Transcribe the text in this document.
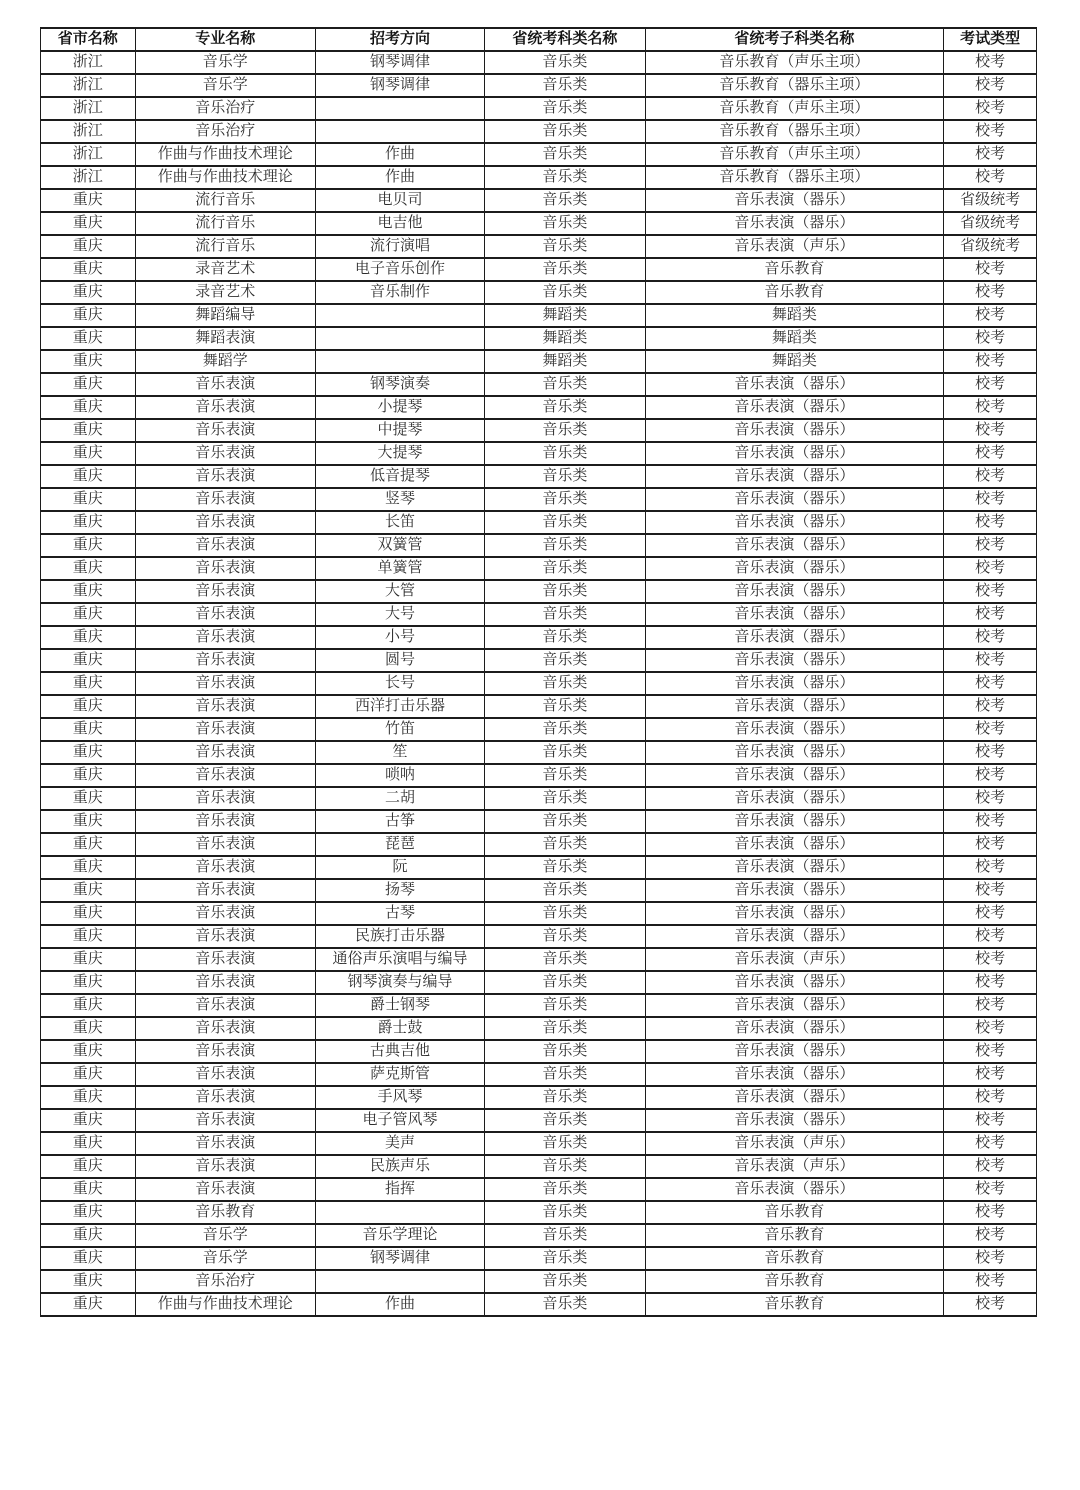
省市名称	专业名称	招考方向	省统考科类名称	省统考子科类名称	考试类型
浙江	音乐学	钢琴调律	音乐类	音乐教育（声乐主项）	校考
浙江	音乐学	钢琴调律	音乐类	音乐教育（器乐主项）	校考
浙江	音乐治疗		音乐类	音乐教育（声乐主项）	校考
浙江	音乐治疗		音乐类	音乐教育（器乐主项）	校考
浙江	作曲与作曲技术理论	作曲	音乐类	音乐教育（声乐主项）	校考
浙江	作曲与作曲技术理论	作曲	音乐类	音乐教育（器乐主项）	校考
重庆	流行音乐	电贝司	音乐类	音乐表演（器乐）	省级统考
重庆	流行音乐	电吉他	音乐类	音乐表演（器乐）	省级统考
重庆	流行音乐	流行演唱	音乐类	音乐表演（声乐）	省级统考
重庆	录音艺术	电子音乐创作	音乐类	音乐教育	校考
重庆	录音艺术	音乐制作	音乐类	音乐教育	校考
重庆	舞蹈编导		舞蹈类	舞蹈类	校考
重庆	舞蹈表演		舞蹈类	舞蹈类	校考
重庆	舞蹈学		舞蹈类	舞蹈类	校考
重庆	音乐表演	钢琴演奏	音乐类	音乐表演（器乐）	校考
重庆	音乐表演	小提琴	音乐类	音乐表演（器乐）	校考
重庆	音乐表演	中提琴	音乐类	音乐表演（器乐）	校考
重庆	音乐表演	大提琴	音乐类	音乐表演（器乐）	校考
重庆	音乐表演	低音提琴	音乐类	音乐表演（器乐）	校考
重庆	音乐表演	竖琴	音乐类	音乐表演（器乐）	校考
重庆	音乐表演	长笛	音乐类	音乐表演（器乐）	校考
重庆	音乐表演	双簧管	音乐类	音乐表演（器乐）	校考
重庆	音乐表演	单簧管	音乐类	音乐表演（器乐）	校考
重庆	音乐表演	大管	音乐类	音乐表演（器乐）	校考
重庆	音乐表演	大号	音乐类	音乐表演（器乐）	校考
重庆	音乐表演	小号	音乐类	音乐表演（器乐）	校考
重庆	音乐表演	圆号	音乐类	音乐表演（器乐）	校考
重庆	音乐表演	长号	音乐类	音乐表演（器乐）	校考
重庆	音乐表演	西洋打击乐器	音乐类	音乐表演（器乐）	校考
重庆	音乐表演	竹笛	音乐类	音乐表演（器乐）	校考
重庆	音乐表演	笙	音乐类	音乐表演（器乐）	校考
重庆	音乐表演	唢呐	音乐类	音乐表演（器乐）	校考
重庆	音乐表演	二胡	音乐类	音乐表演（器乐）	校考
重庆	音乐表演	古筝	音乐类	音乐表演（器乐）	校考
重庆	音乐表演	琵琶	音乐类	音乐表演（器乐）	校考
重庆	音乐表演	阮	音乐类	音乐表演（器乐）	校考
重庆	音乐表演	扬琴	音乐类	音乐表演（器乐）	校考
重庆	音乐表演	古琴	音乐类	音乐表演（器乐）	校考
重庆	音乐表演	民族打击乐器	音乐类	音乐表演（器乐）	校考
重庆	音乐表演	通俗声乐演唱与编导	音乐类	音乐表演（声乐）	校考
重庆	音乐表演	钢琴演奏与编导	音乐类	音乐表演（器乐）	校考
重庆	音乐表演	爵士钢琴	音乐类	音乐表演（器乐）	校考
重庆	音乐表演	爵士鼓	音乐类	音乐表演（器乐）	校考
重庆	音乐表演	古典吉他	音乐类	音乐表演（器乐）	校考
重庆	音乐表演	萨克斯管	音乐类	音乐表演（器乐）	校考
重庆	音乐表演	手风琴	音乐类	音乐表演（器乐）	校考
重庆	音乐表演	电子管风琴	音乐类	音乐表演（器乐）	校考
重庆	音乐表演	美声	音乐类	音乐表演（声乐）	校考
重庆	音乐表演	民族声乐	音乐类	音乐表演（声乐）	校考
重庆	音乐表演	指挥	音乐类	音乐表演（器乐）	校考
重庆	音乐教育		音乐类	音乐教育	校考
重庆	音乐学	音乐学理论	音乐类	音乐教育	校考
重庆	音乐学	钢琴调律	音乐类	音乐教育	校考
重庆	音乐治疗		音乐类	音乐教育	校考
重庆	作曲与作曲技术理论	作曲	音乐类	音乐教育	校考
